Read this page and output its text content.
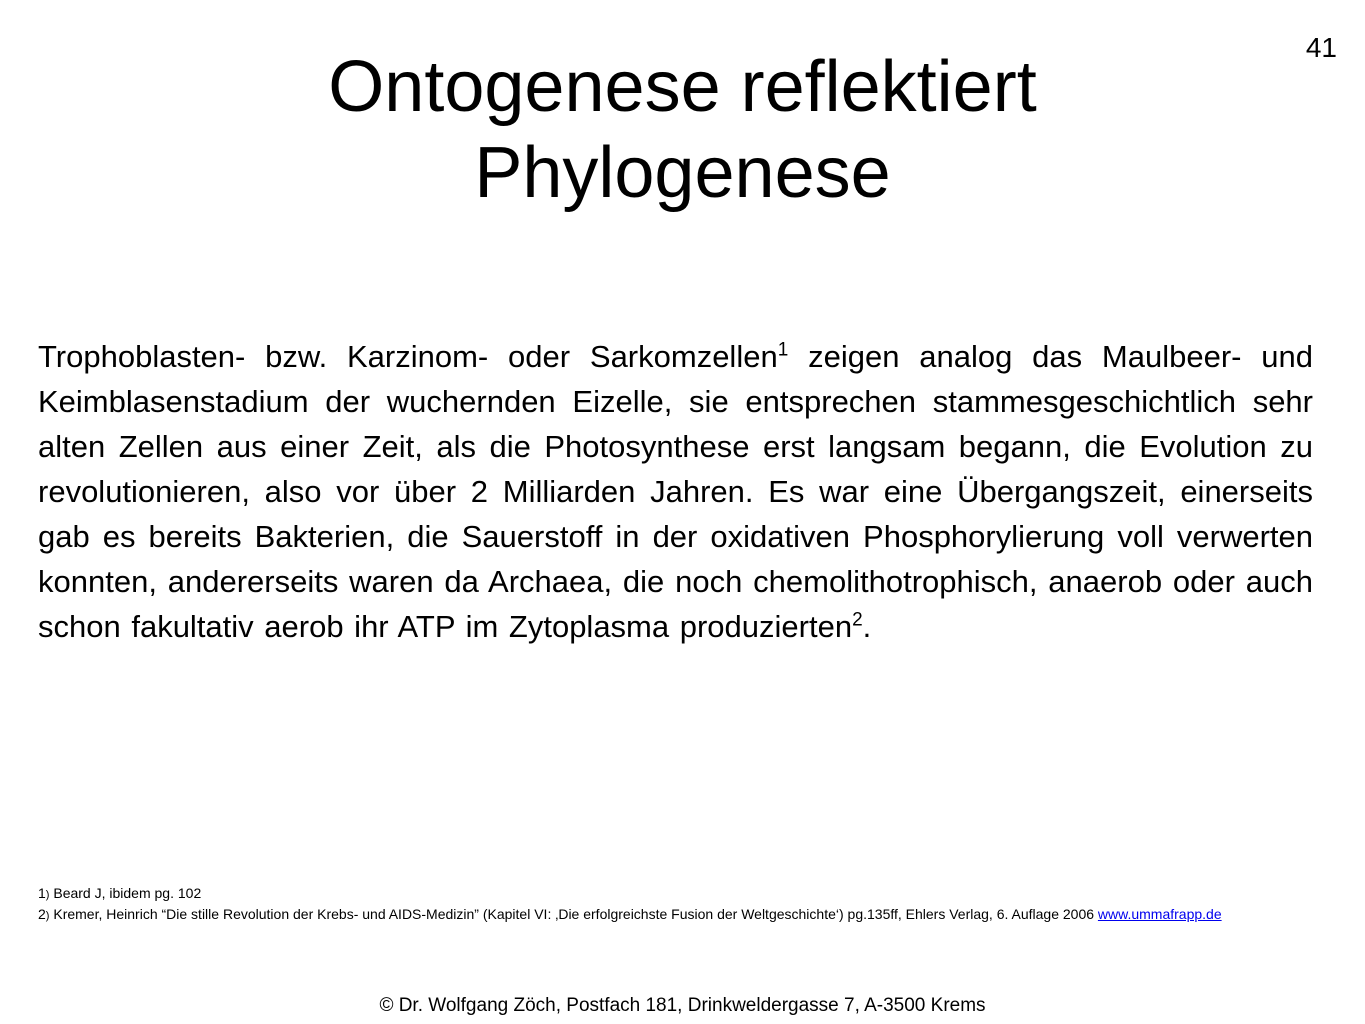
41
Ontogenese reflektiert
Phylogenese

Trophoblasten- bzw. Karzinom- oder Sarkomzellen$^1$ zeigen analog das Maulbeer- und Keimblasenstadium der wuchernden Eizelle, sie entsprechen stammesgeschichtlich sehr alten Zellen aus einer Zeit, als die Photosynthese erst langsam begann, die Evolution zu revolutionieren, also vor über 2 Milliarden Jahren. Es war eine Übergangszeit, einerseits gab es bereits Bakterien, die Sauerstoff in der oxidativen Phosphorylierung voll verwerten konnten, andererseits waren da Archaea, die noch chemolithotrophisch, anaerob oder auch schon fakultativ aerob ihr ATP im Zytoplasma produzierten$^2$.

1) Beard J, ibidem pg. 102

2) Kremer, Heinrich “Die stille Revolution der Krebs- und AIDS-Medizin” (Kapitel VI: ‚Die erfolgreichste Fusion der Weltgeschichte‘) pg.135ff, Ehlers Verlag, 6. Auflage 2006 www.ummafrapp.de

© Dr. Wolfgang Zöch, Postfach 181, Drinkweldergasse 7, A-3500 Krems
